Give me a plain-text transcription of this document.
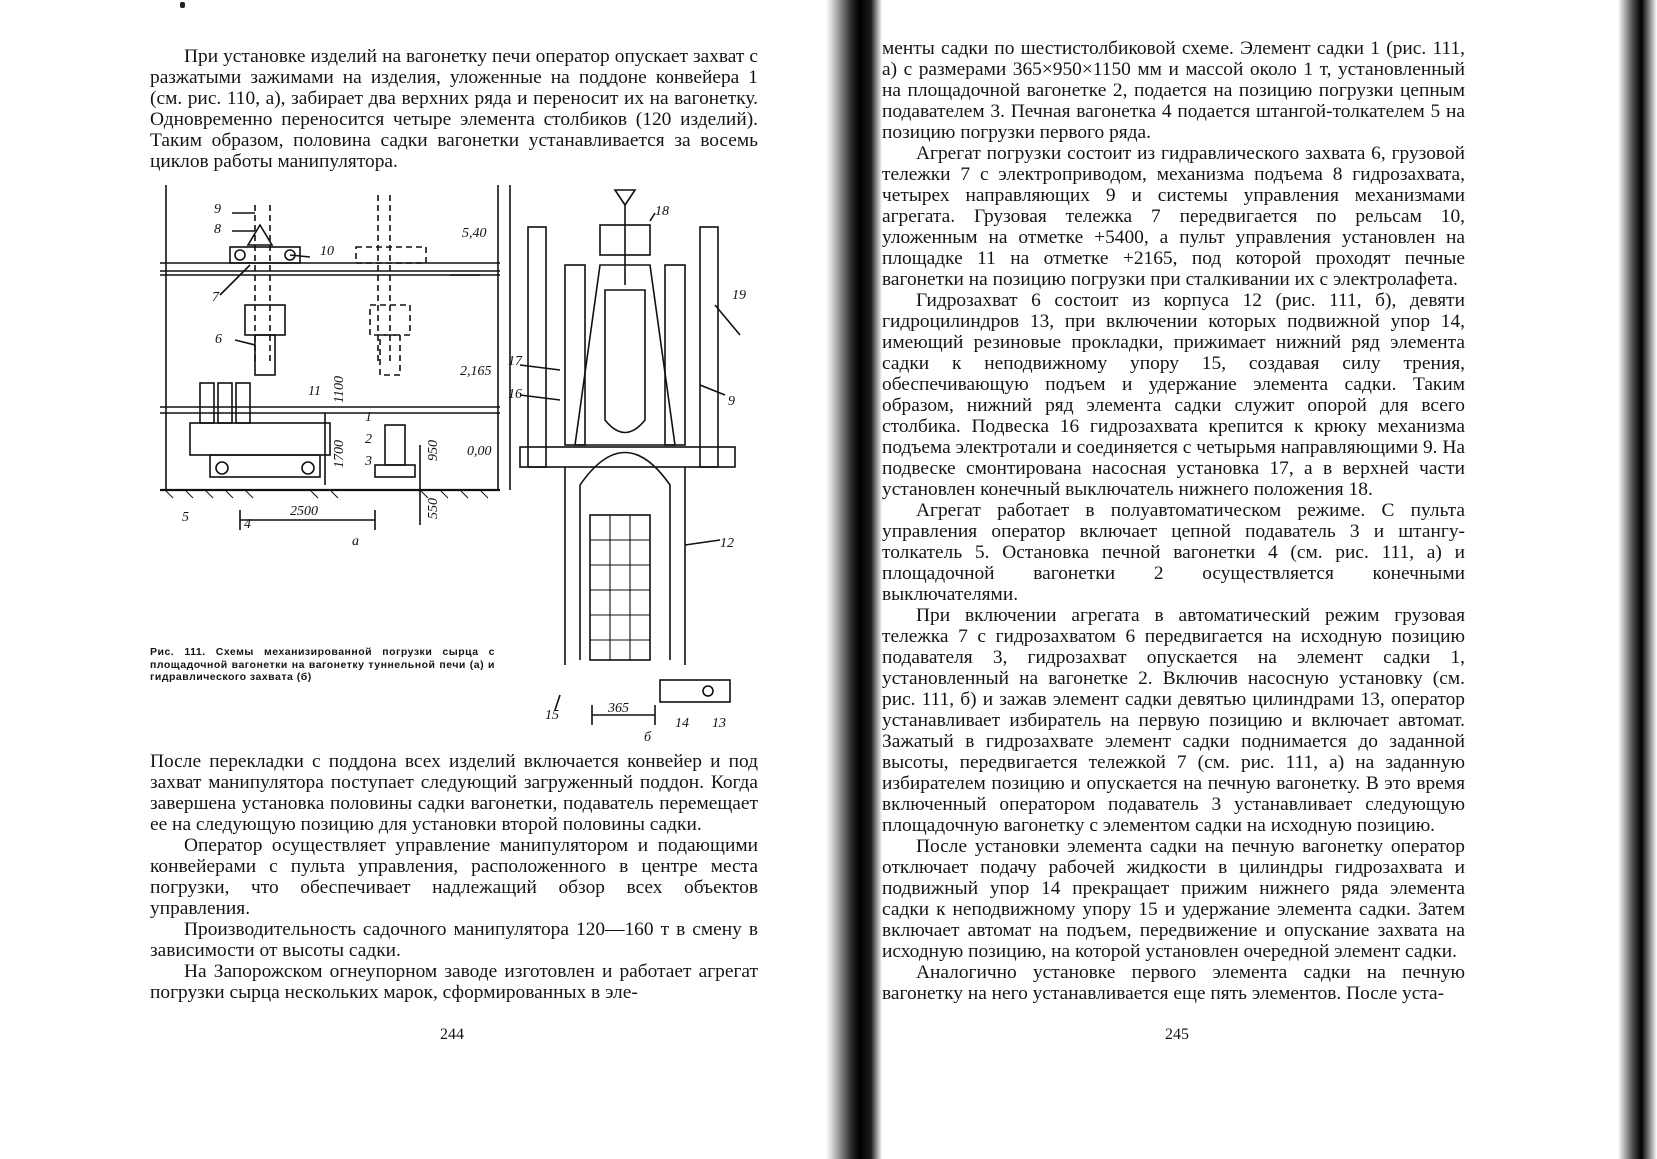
При установке изделий на вагонетку печи оператор опускает захват с разжатыми зажимами на изделия, уложенные на поддоне конвейера 1 (см. рис. 110, а), забирает два верхних ряда и переносит их на вагонетку. Одновременно переносится четыре элемента столбиков (120 изделий). Таким образом, половина садки вагонетки устанавливается за восемь циклов работы манипулятора.

9
8
7
10
6
11
5	4
1
2
3
5,40
2,165
0,00
1100
1700	950
550
2500
а
18
19
17
16	9
12
15
14 13
365
б
Рис. 111. Схемы механизированной погрузки сырца с площадочной вагонетки на вагонетку туннельной печи (а) и гидравлического захвата (б)

После перекладки с поддона всех изделий включается конвейер и под захват манипулятора поступает следующий загруженный поддон. Когда завершена установка половины садки вагонетки, подаватель перемещает ее на следующую позицию для установки второй половины садки.

Оператор осуществляет управление манипулятором и подающими конвейерами с пульта управления, расположенного в центре места погрузки, что обеспечивает надлежащий обзор всех объектов управления.

Производительность садочного манипулятора 120—160 т в смену в зависимости от высоты садки.

На Запорожском огнеупорном заводе изготовлен и работает агрегат погрузки сырца нескольких марок, сформированных в эле-

244

менты садки по шестистолбиковой схеме. Элемент садки 1 (рис. 111, а) с размерами 365×950×1150 мм и массой около 1 т, установленный на площадочной вагонетке 2, подается на позицию погрузки цепным подавателем 3. Печная вагонетка 4 подается штангой-толкателем 5 на позицию погрузки первого ряда.

Агрегат погрузки состоит из гидравлического захвата 6, грузовой тележки 7 с электроприводом, механизма подъема 8 гидрозахвата, четырех направляющих 9 и системы управления механизмами агрегата. Грузовая тележка 7 передвигается по рельсам 10, уложенным на отметке +5400, а пульт управления установлен на площадке 11 на отметке +2165, под которой проходят печные вагонетки на позицию погрузки при сталкивании их с электролафета.

Гидрозахват 6 состоит из корпуса 12 (рис. 111, б), девяти гидроцилиндров 13, при включении которых подвижной упор 14, имеющий резиновые прокладки, прижимает нижний ряд элемента садки к неподвижному упору 15, создавая силу трения, обеспечивающую подъем и удержание элемента садки. Таким образом, нижний ряд элемента садки служит опорой для всего столбика. Подвеска 16 гидрозахвата крепится к крюку механизма подъема электротали и соединяется с четырьмя направляющими 9. На подвеске смонтирована насосная установка 17, а в верхней части установлен конечный выключатель нижнего положения 18.

Агрегат работает в полуавтоматическом режиме. С пульта управления оператор включает цепной подаватель 3 и штангу-толкатель 5. Остановка печной вагонетки 4 (см. рис. 111, а) и площадочной вагонетки 2 осуществляется конечными выключателями.

При включении агрегата в автоматический режим грузовая тележка 7 с гидрозахватом 6 передвигается на исходную позицию подавателя 3, гидрозахват опускается на элемент садки 1, установленный на вагонетке 2. Включив насосную установку (см. рис. 111, б) и зажав элемент садки девятью цилиндрами 13, оператор устанавливает избиратель на первую позицию и включает автомат. Зажатый в гидрозахвате элемент садки поднимается до заданной высоты, передвигается тележкой 7 (см. рис. 111, а) на заданную избирателем позицию и опускается на печную вагонетку. В это время включенный оператором подаватель 3 устанавливает следующую площадочную вагонетку с элементом садки на исходную позицию.

После установки элемента садки на печную вагонетку оператор отключает подачу рабочей жидкости в цилиндры гидрозахвата и подвижный упор 14 прекращает прижим нижнего ряда элемента садки к неподвижному упору 15 и удержание элемента садки. Затем включает автомат на подъем, передвижение и опускание захвата на исходную позицию, на которой установлен очередной элемент садки.

Аналогично установке первого элемента садки на печную вагонетку на него устанавливается еще пять элементов. После уста-

245
